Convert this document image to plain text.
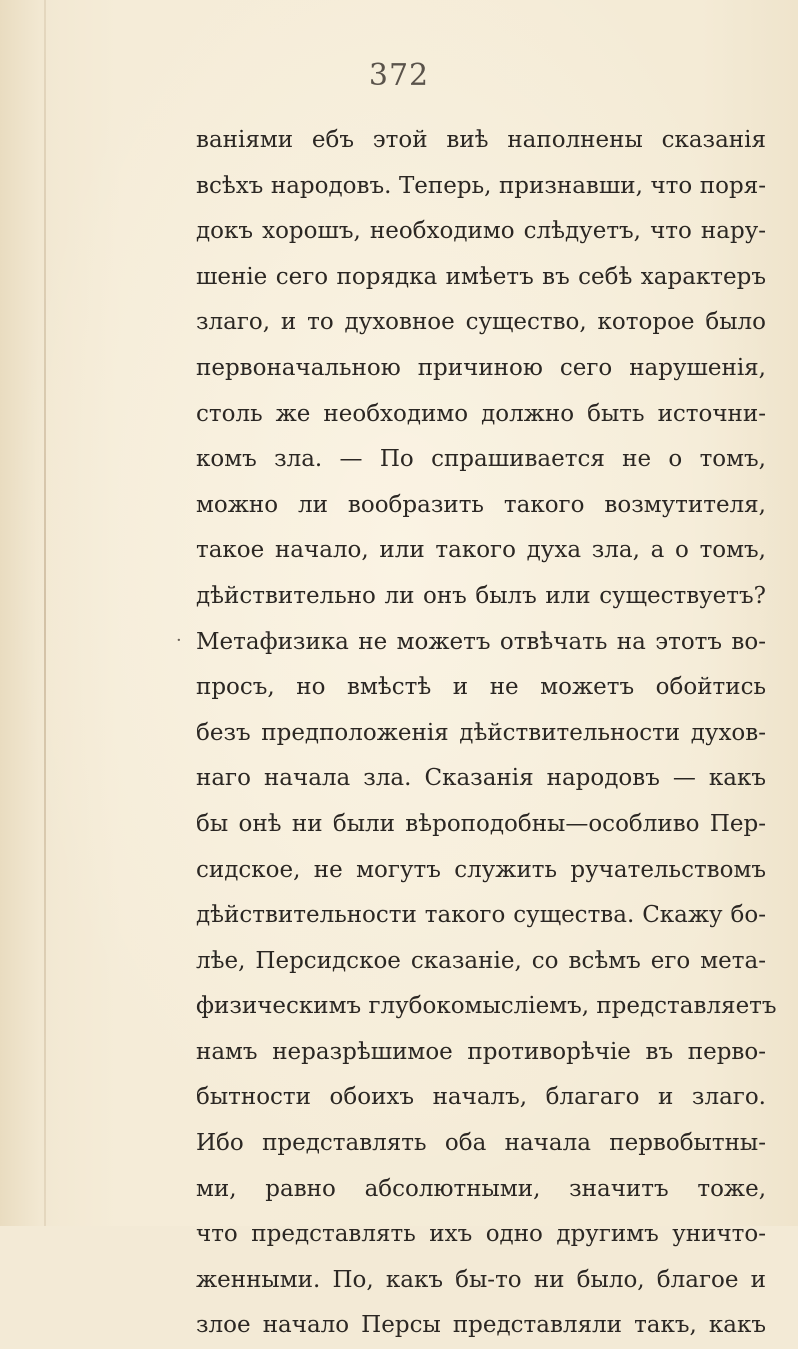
372
·
ваніями ебъ этой виѣ наполнены сказанія
всѣхъ народовъ. Теперь, признавши, что поря-
докъ хорошъ, необходимо слѣдуетъ, что нару-
шеніе сего порядка имѣетъ въ себѣ характеръ
злаго, и то духовное существо, которое было
первоначальною причиною сего нарушенія,
столь же необходимо должно быть источни-
комъ зла. — По спрашивается не о томъ,
можно ли вообразить такого возмутителя,
такое начало, или такого духа зла, а о томъ,
дѣйствительно ли онъ былъ или существуетъ?
Метафизика не можетъ отвѣчать на этотъ во-
просъ, но вмѣстѣ и не можетъ обойтись
безъ предположенія дѣйствительности духов-
наго начала зла. Сказанія народовъ — какъ
бы онѣ ни были вѣроподобны—особливо Пер-
сидское, не могутъ служить ручательствомъ
дѣйствительности такого существа. Скажу бо-
лѣе, Персидское сказаніе, со всѣмъ его мета-
физическимъ глубокомысліемъ, представляетъ
намъ неразрѣшимое противорѣчіе въ перво-
бытности обоихъ началъ, благаго и злаго.
Ибо представлять оба начала первобытны-
ми, равно абсолютными, значитъ тоже,
что представлять ихъ одно другимъ уничто-
женными. По, какъ бы-то ни было, благое и
злое начало Персы представляли такъ, какъ
